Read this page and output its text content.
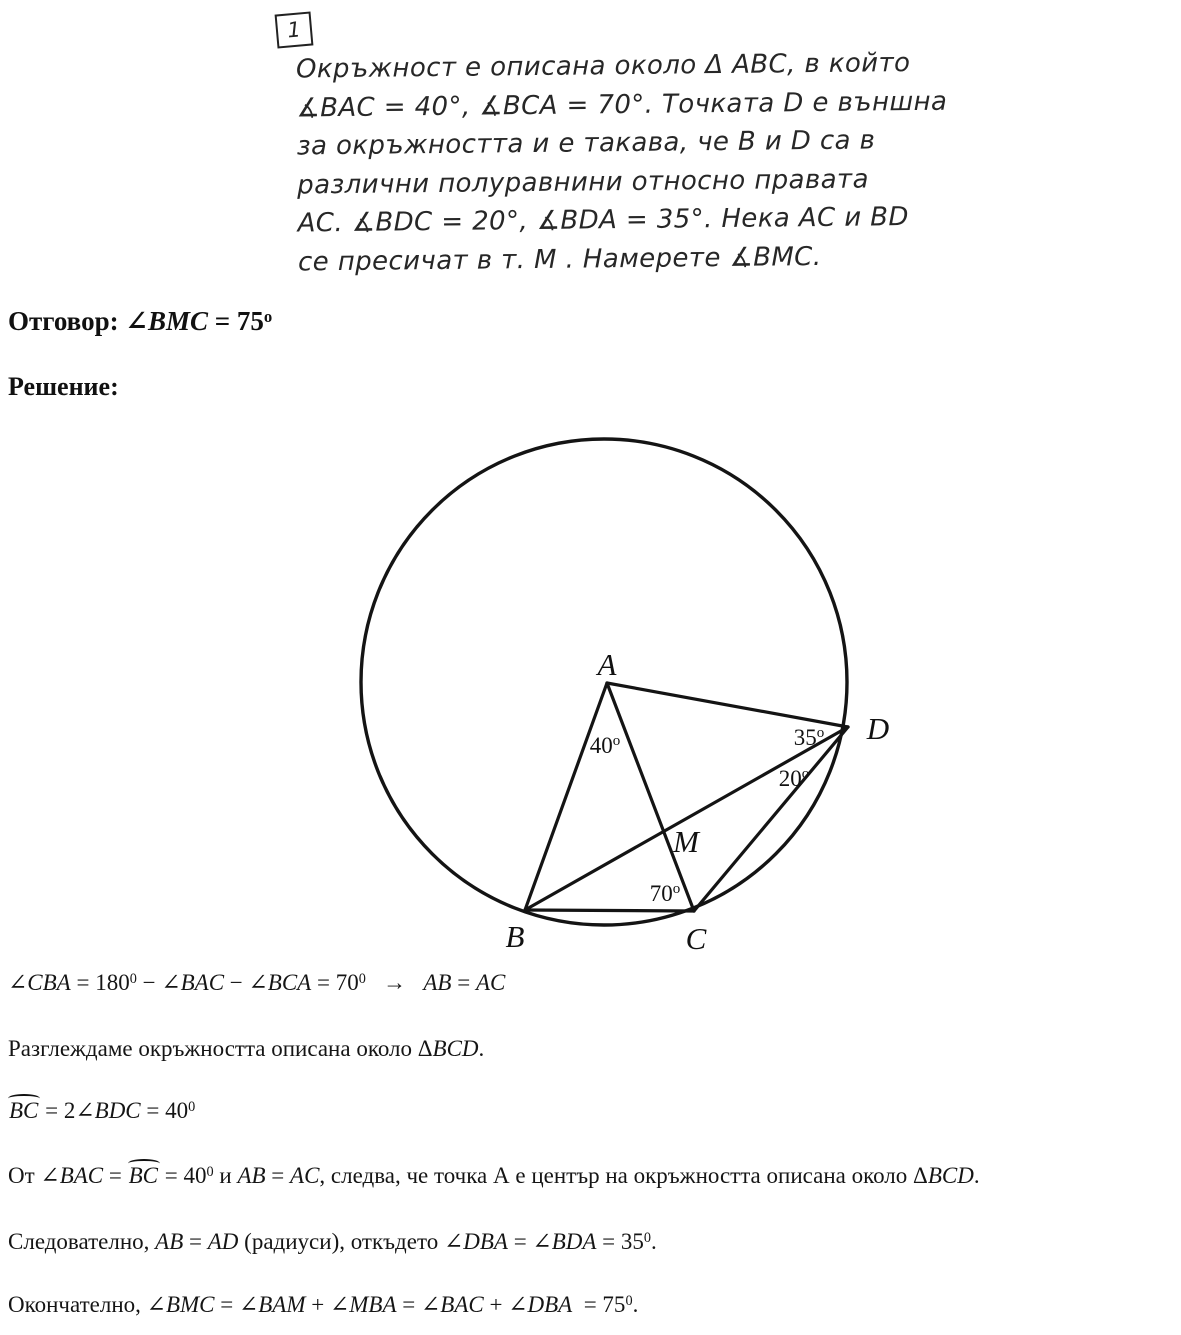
1
Окръжност е описана около Δ ABC, в който
∡BAC = 40°, ∡BCA = 70°. Точката D е външна
за окръжността и е такава, че B и D са в
различни полуравнини относно правата
AC. ∡BDC = 20°, ∡BDA = 35°. Нека AC и BD
се пресичат в т. M . Намерете ∡BMC.
Отговор: ∠BMC = $75^o$
Решение:
A
B	C
D
M
40$^o$	35$^o$
20$^o$
70$^o$
∠CBA = $180^0$ − ∠BAC − ∠BCA = $70^0$   →   AB = AC
Разглеждаме окръжността описана около ΔBCD.
BC = 2∠BDC = $40^0$
От ∠BAC = BC = $40^0$ и AB = AC, следва, че точка А е център на окръжността описана около ΔBCD.
Следователно, AB = AD (радиуси), откъдето ∠DBA = ∠BDA = $35^0$.
Окончателно, ∠BMC = ∠BAM + ∠MBA = ∠BAC + ∠DBA  = $75^0$.
